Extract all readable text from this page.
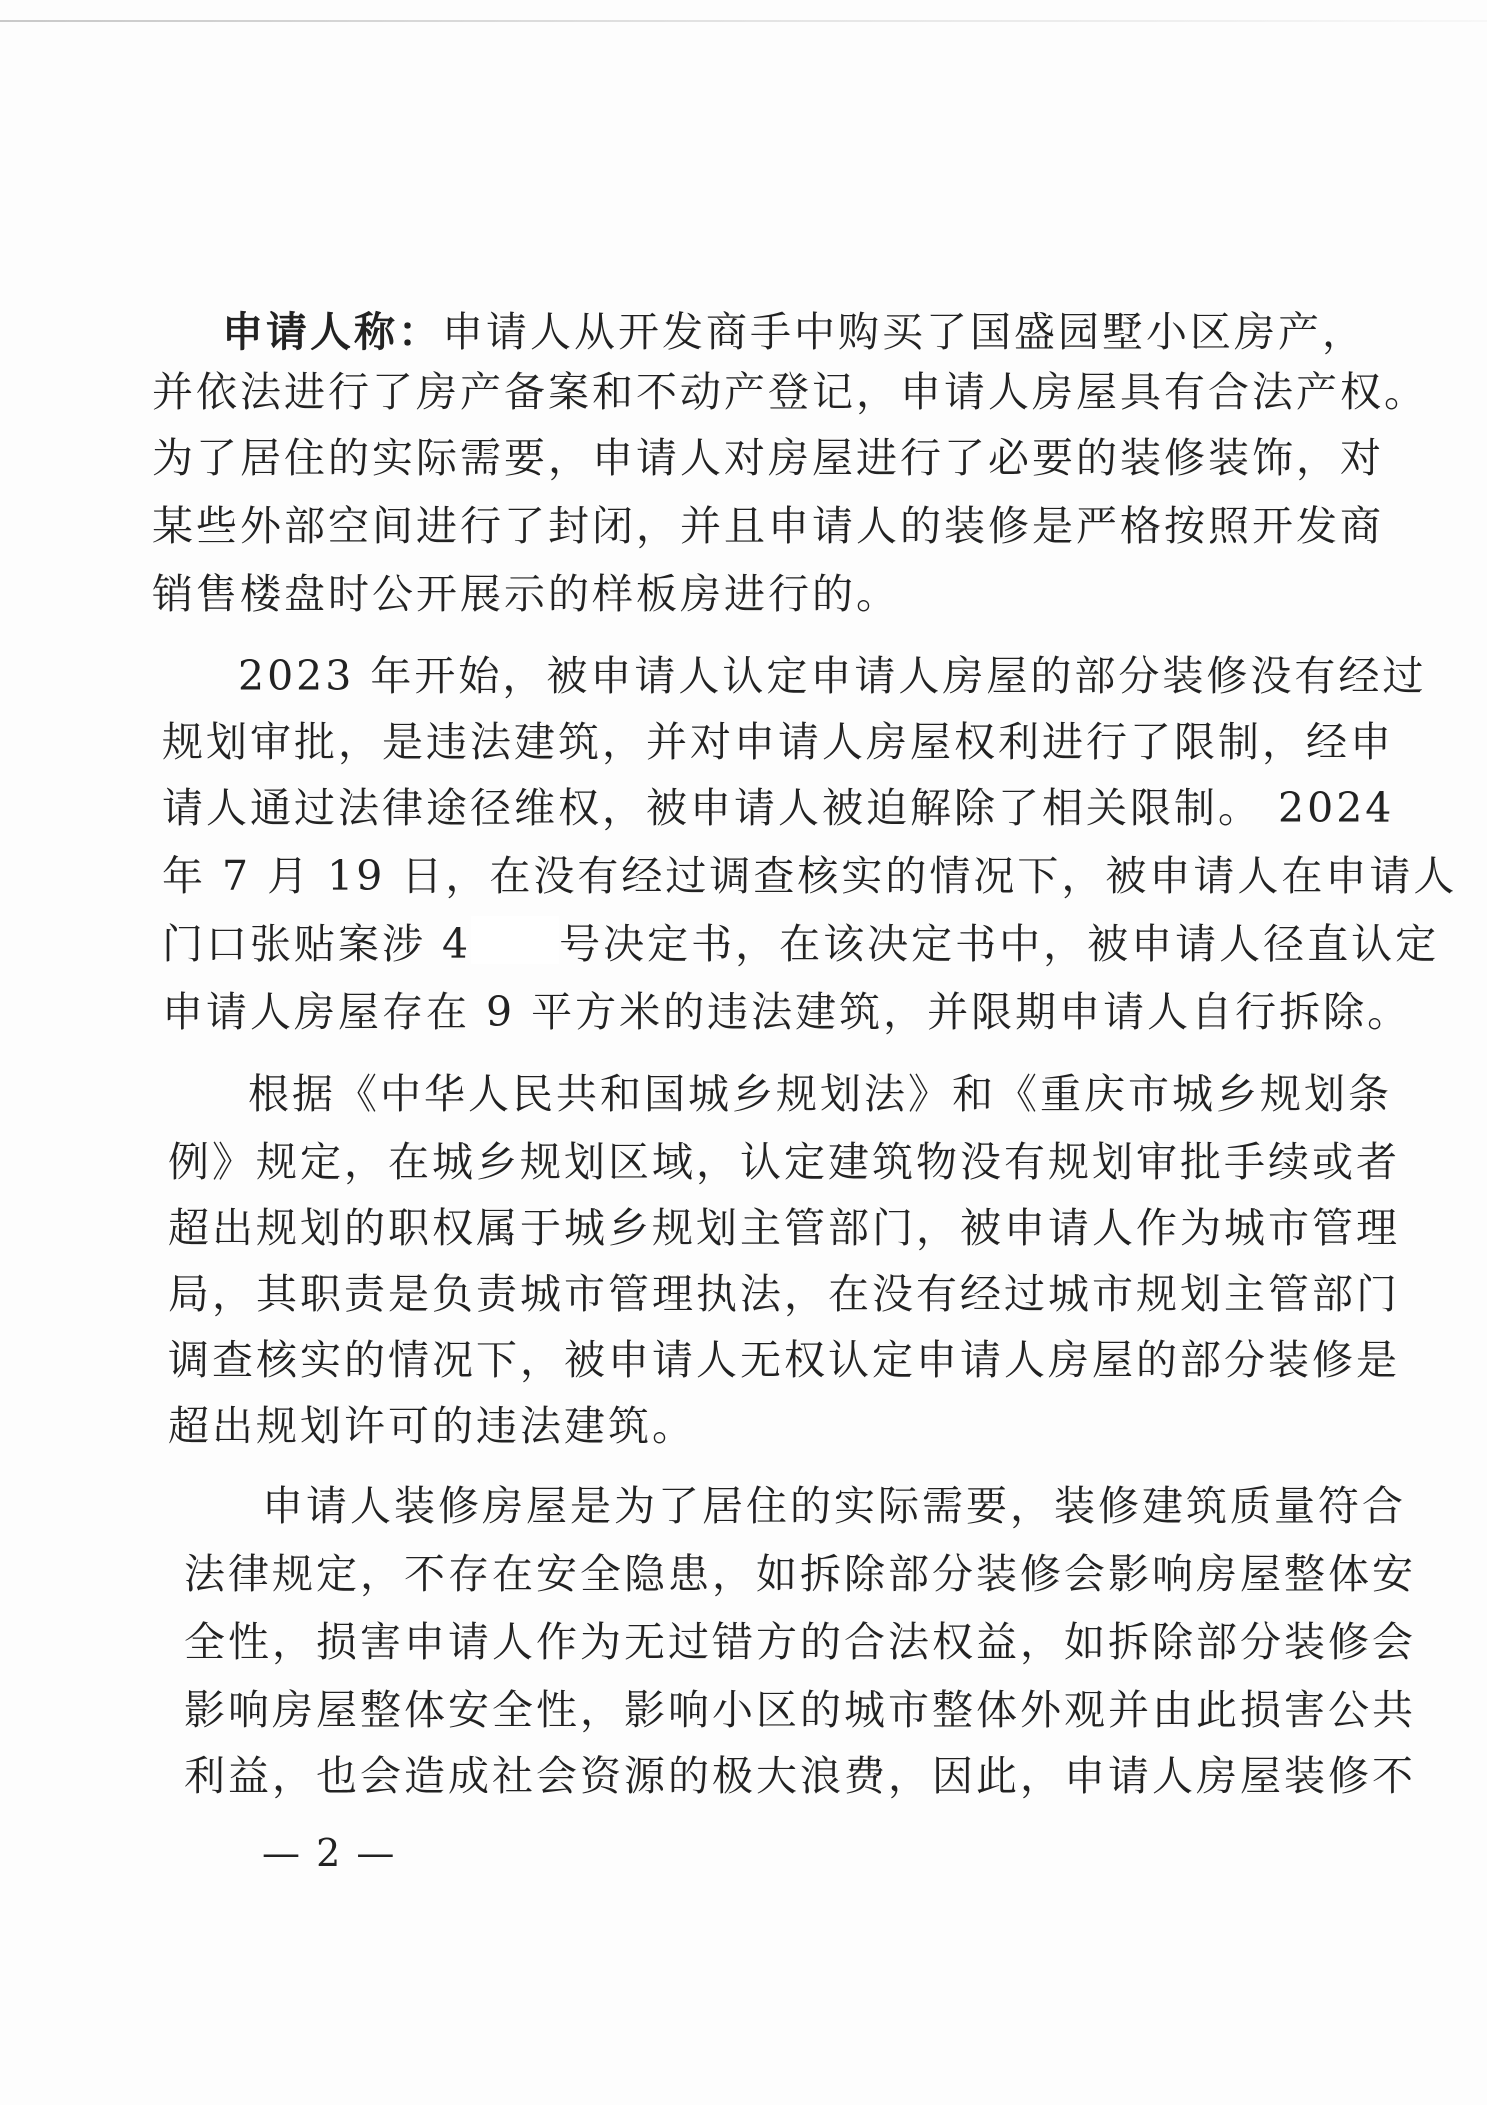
申请人称：申请人从开发商手中购买了国盛园墅小区房产，
并依法进行了房产备案和不动产登记，申请人房屋具有合法产权。
为了居住的实际需要，申请人对房屋进行了必要的装修装饰，对
某些外部空间进行了封闭，并且申请人的装修是严格按照开发商
销售楼盘时公开展示的样板房进行的。
2023 年开始，被申请人认定申请人房屋的部分装修没有经过
规划审批，是违法建筑，并对申请人房屋权利进行了限制，经申
请人通过法律途径维权，被申请人被迫解除了相关限制。 2024
年 7 月 19 日，在没有经过调查核实的情况下，被申请人在申请人
门口张贴案涉 4 号决定书，在该决定书中，被申请人径直认定
申请人房屋存在 9 平方米的违法建筑，并限期申请人自行拆除。
根据《中华人民共和国城乡规划法》和《重庆市城乡规划条
例》规定，在城乡规划区域，认定建筑物没有规划审批手续或者
超出规划的职权属于城乡规划主管部门，被申请人作为城市管理
局，其职责是负责城市管理执法，在没有经过城市规划主管部门
调查核实的情况下，被申请人无权认定申请人房屋的部分装修是
超出规划许可的违法建筑。
申请人装修房屋是为了居住的实际需要，装修建筑质量符合
法律规定，不存在安全隐患，如拆除部分装修会影响房屋整体安
全性，损害申请人作为无过错方的合法权益，如拆除部分装修会
影响房屋整体安全性，影响小区的城市整体外观并由此损害公共
利益，也会造成社会资源的极大浪费，因此，申请人房屋装修不
— 2 —
